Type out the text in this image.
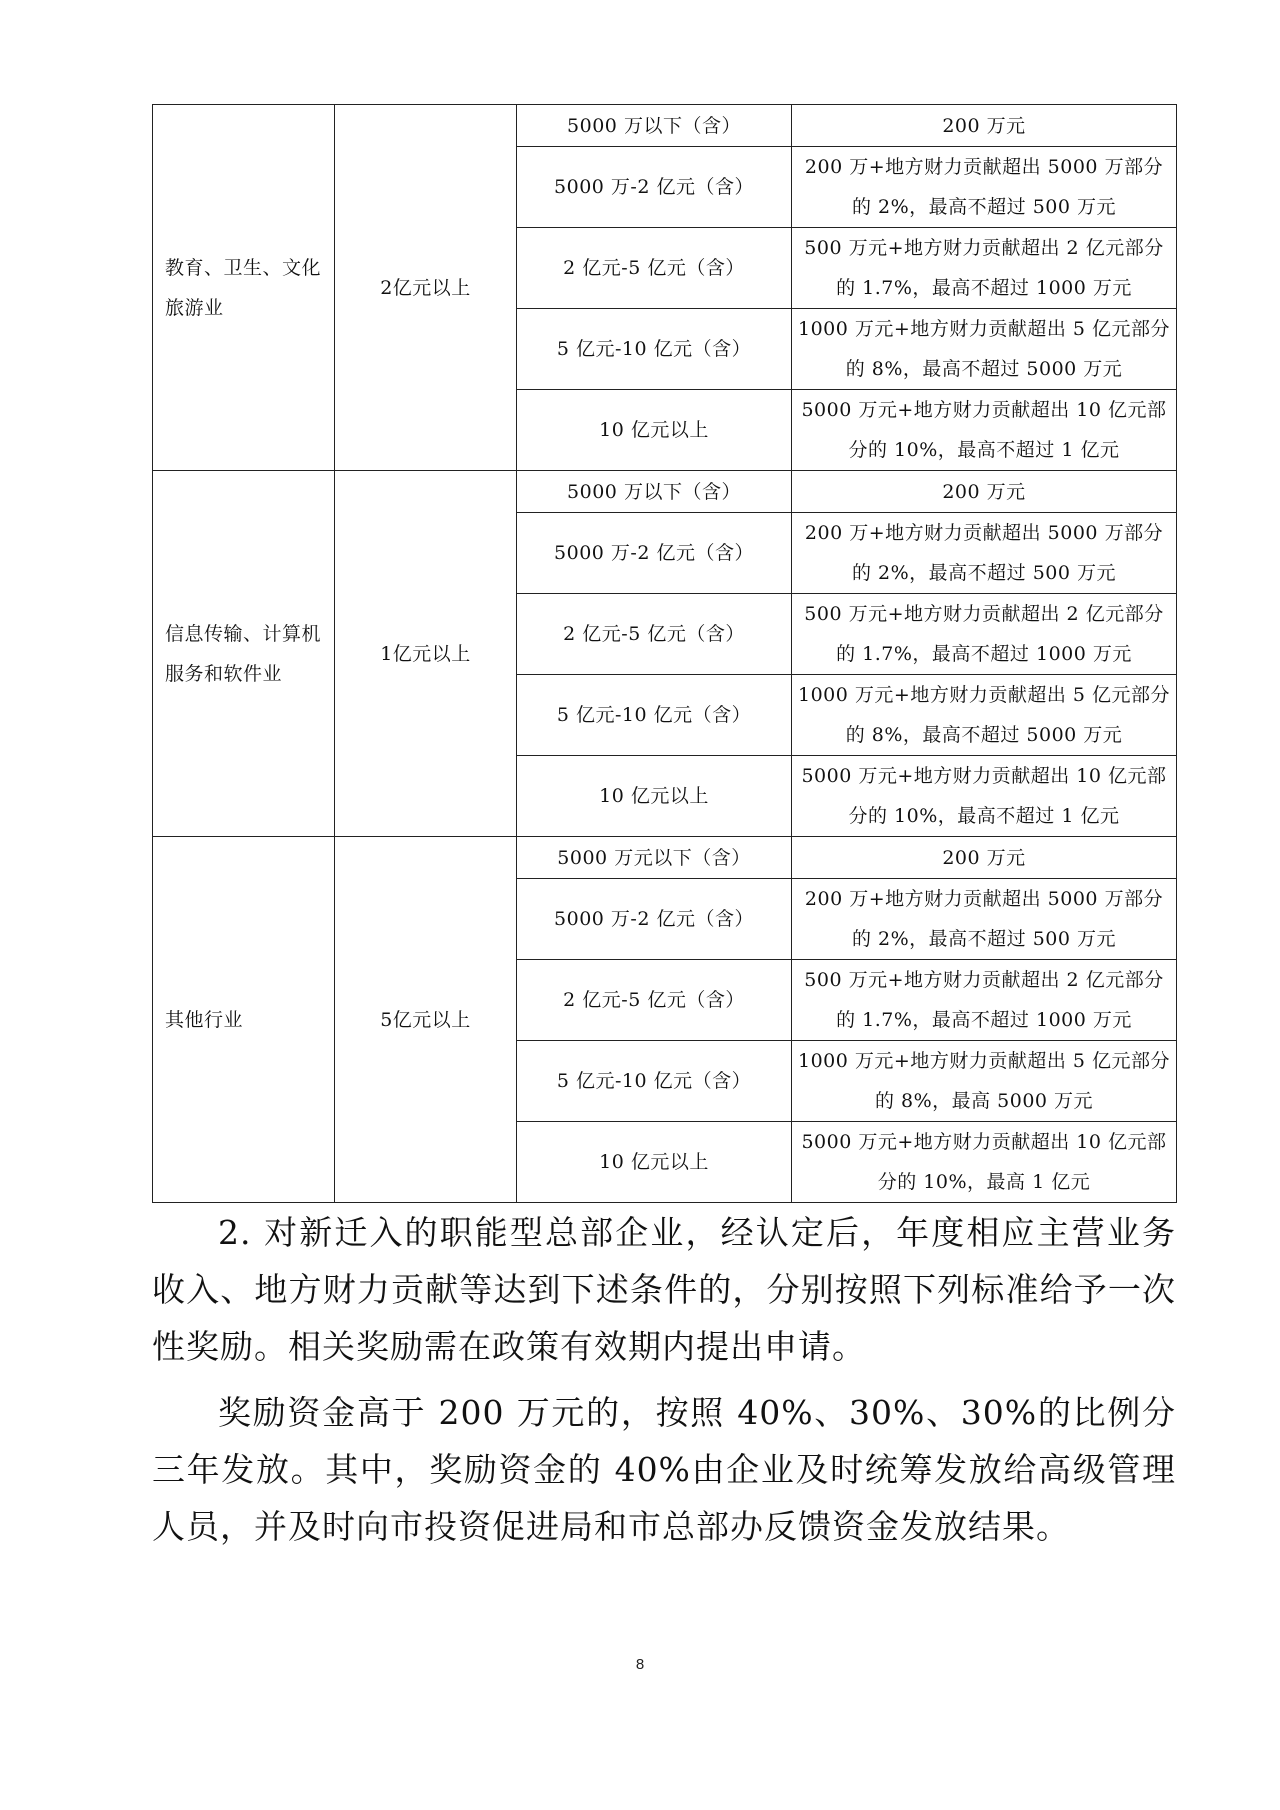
教育、卫生、文化旅游业	2亿元以上	5000 万以下（含）	200 万元
		5000 万-2 亿元（含）	200 万+地方财力贡献超出 5000 万部分的 2%，最高不超过 500 万元
		2 亿元-5 亿元（含）	500 万元+地方财力贡献超出 2 亿元部分的 1.7%，最高不超过 1000 万元
		5 亿元-10 亿元（含）	1000 万元+地方财力贡献超出 5 亿元部分的 8%，最高不超过 5000 万元
		10 亿元以上	5000 万元+地方财力贡献超出 10 亿元部分的 10%，最高不超过 1 亿元
信息传输、计算机服务和软件业	1亿元以上	5000 万以下（含）	200 万元
		5000 万-2 亿元（含）	200 万+地方财力贡献超出 5000 万部分的 2%，最高不超过 500 万元
		2 亿元-5 亿元（含）	500 万元+地方财力贡献超出 2 亿元部分的 1.7%，最高不超过 1000 万元
		5 亿元-10 亿元（含）	1000 万元+地方财力贡献超出 5 亿元部分的 8%，最高不超过 5000 万元
		10 亿元以上	5000 万元+地方财力贡献超出 10 亿元部分的 10%，最高不超过 1 亿元
其他行业	5亿元以上	5000 万元以下（含）	200 万元
		5000 万-2 亿元（含）	200 万+地方财力贡献超出 5000 万部分的 2%，最高不超过 500 万元
		2 亿元-5 亿元（含）	500 万元+地方财力贡献超出 2 亿元部分的 1.7%，最高不超过 1000 万元
		5 亿元-10 亿元（含）	1000 万元+地方财力贡献超出 5 亿元部分的 8%，最高 5000 万元
		10 亿元以上	5000 万元+地方财力贡献超出 10 亿元部分的 10%，最高 1 亿元

2. 对新迁入的职能型总部企业，经认定后，年度相应主营业务收入、地方财力贡献等达到下述条件的，分别按照下列标准给予一次性奖励。相关奖励需在政策有效期内提出申请。

奖励资金高于 200 万元的，按照 40%、30%、30%的比例分三年发放。其中，奖励资金的 40%由企业及时统筹发放给高级管理人员，并及时向市投资促进局和市总部办反馈资金发放结果。

8
